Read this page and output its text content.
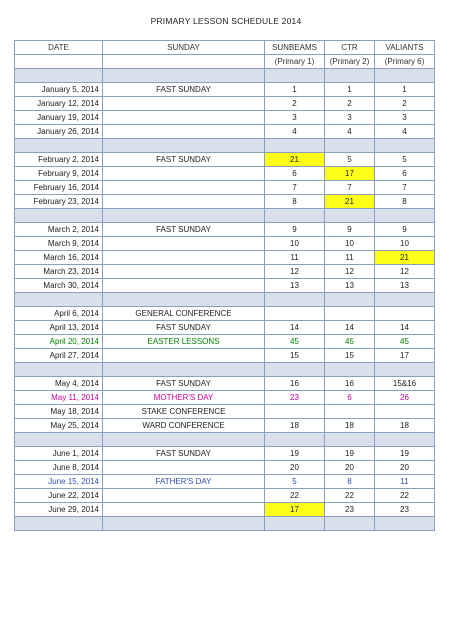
PRIMARY LESSON SCHEDULE 2014
DATE	SUNDAY	SUNBEAMS	CTR	VALIANTS
		(Primary 1)	(Primary 2)	(Primary 6)

January 5, 2014	FAST SUNDAY	1	1	1
January 12, 2014		2	2	2
January 19, 2014		3	3	3
January 26, 2014		4	4	4

February 2, 2014	FAST SUNDAY	21	5	5
February 9, 2014		6	17	6
February 16, 2014		7	7	7
February 23, 2014		8	21	8

March 2, 2014	FAST SUNDAY	9	9	9
March 9, 2014		10	10	10
March 16, 2014		11	11	21
March 23, 2014		12	12	12
March 30, 2014		13	13	13

April 6, 2014	GENERAL CONFERENCE			
April 13, 2014	FAST SUNDAY	14	14	14
April 20, 2014	EASTER LESSONS	45	45	45
April 27, 2014		15	15	17

May 4, 2014	FAST SUNDAY	16	16	15&16
May 11, 2014	MOTHER'S DAY	23	6	26
May 18, 2014	STAKE CONFERENCE			
May 25, 2014	WARD CONFERENCE	18	18	18

June 1, 2014	FAST SUNDAY	19	19	19
June 8, 2014		20	20	20
June 15, 2014	FATHER'S DAY	5	8	11
June 22, 2014		22	22	22
June 29, 2014		17	23	23
